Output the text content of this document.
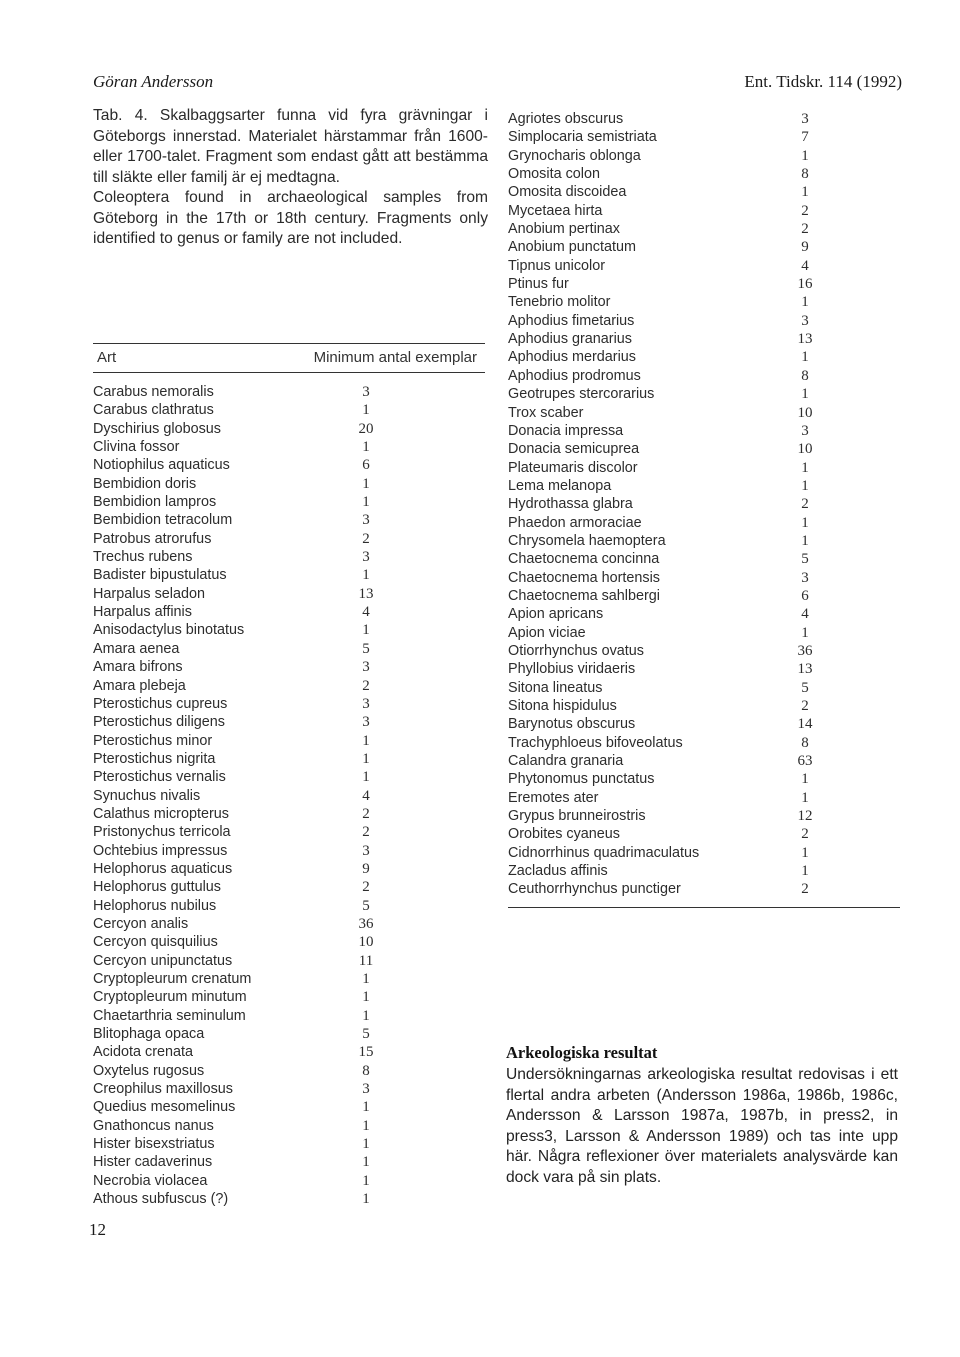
Göran Andersson	Ent. Tidskr. 114 (1992)

Tab. 4. Skalbaggsarter funna vid fyra grävningar i Göteborgs innerstad. Materialet härstammar från 1600- eller 1700-talet. Fragment som endast gått att bestämma till släkte eller familj är ej medtagna.

Coleoptera found in archaeological samples from Göteborg in the 17th or 18th century. Fragments only identified to genus or family are not included.

Art	Minimum antal exemplar
Carabus nemoralis	3
Carabus clathratus	1
Dyschirius globosus	20
Clivina fossor	1
Notiophilus aquaticus	6
Bembidion doris	1
Bembidion lampros	1
Bembidion tetracolum	3
Patrobus atrorufus	2
Trechus rubens	3
Badister bipustulatus	1
Harpalus seladon	13
Harpalus affinis	4
Anisodactylus binotatus	1
Amara aenea	5
Amara bifrons	3
Amara plebeja	2
Pterostichus cupreus	3
Pterostichus diligens	3
Pterostichus minor	1
Pterostichus nigrita	1
Pterostichus vernalis	1
Synuchus nivalis	4
Calathus micropterus	2
Pristonychus terricola	2
Ochtebius impressus	3
Helophorus aquaticus	9
Helophorus guttulus	2
Helophorus nubilus	5
Cercyon analis	36
Cercyon quisquilius	10
Cercyon unipunctatus	11
Cryptopleurum crenatum	1
Cryptopleurum minutum	1
Chaetarthria seminulum	1
Blitophaga opaca	5
Acidota crenata	15
Oxytelus rugosus	8
Creophilus maxillosus	3
Quedius mesomelinus	1
Gnathoncus nanus	1
Hister bisexstriatus	1
Hister cadaverinus	1
Necrobia violacea	1
Athous subfuscus (?)	1
Agriotes obscurus	3
Simplocaria semistriata	7
Grynocharis oblonga	1
Omosita colon	8
Omosita discoidea	1
Mycetaea hirta	2
Anobium pertinax	2
Anobium punctatum	9
Tipnus unicolor	4
Ptinus fur	16
Tenebrio molitor	1
Aphodius fimetarius	3
Aphodius granarius	13
Aphodius merdarius	1
Aphodius prodromus	8
Geotrupes stercorarius	1
Trox scaber	10
Donacia impressa	3
Donacia semicuprea	10
Plateumaris discolor	1
Lema melanopa	1
Hydrothassa glabra	2
Phaedon armoraciae	1
Chrysomela haemoptera	1
Chaetocnema concinna	5
Chaetocnema hortensis	3
Chaetocnema sahlbergi	6
Apion apricans	4
Apion viciae	1
Otiorrhynchus ovatus	36
Phyllobius viridaeris	13
Sitona lineatus	5
Sitona hispidulus	2
Barynotus obscurus	14
Trachyphloeus bifoveolatus	8
Calandra granaria	63
Phytonomus punctatus	1
Eremotes ater	1
Grypus brunneirostris	12
Orobites cyaneus	2
Cidnorrhinus quadrimaculatus	1
Zacladus affinis	1
Ceuthorrhynchus punctiger	2
Arkeologiska resultat

Undersökningarnas arkeologiska resultat redovisas i ett flertal andra arbeten (Andersson 1986a, 1986b, 1986c, Andersson & Larsson 1987a, 1987b, in press2, in press3, Larsson & Andersson 1989) och tas inte upp här. Några reflexioner över materialets analysvärde kan dock vara på sin plats.

12
